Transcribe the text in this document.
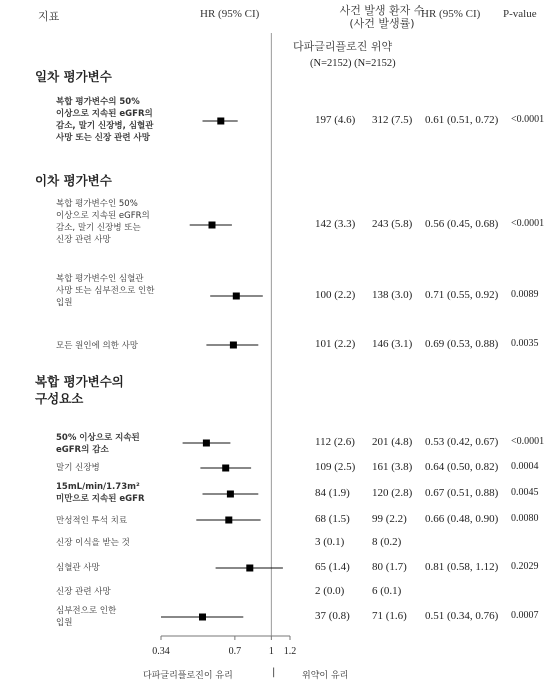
지표	HR (95% CI)	사건 발생 환자 수
(사건 발생률)
HR (95% CI) P-value
다파글리플로진 위약
(N=2152) (N=2152)
일차 평가변수
이차 평가변수
복합 평가변수의
구성요소
0.34	0.7	1 1.2
복합 평가변수의 50%
이상으로 지속된 eGFR의
감소, 말기 신장병, 심혈관
사망 또는 신장 관련 사망
197 (4.6) 312 (7.5) 0.61 (0.51, 0.72) <0.0001
복합 평가변수인 50%
이상으로 지속된 eGFR의
감소, 말기 신장병 또는
신장 관련 사망
142 (3.3) 243 (5.8) 0.56 (0.45, 0.68) <0.0001
복합 평가변수인 심혈관
사망 또는 심부전으로 인한
입원
100 (2.2) 138 (3.0) 0.71 (0.55, 0.92) 0.0089
모든 원인에 의한 사망	101 (2.2) 146 (3.1) 0.69 (0.53, 0.88) 0.0035
50% 이상으로 지속된
eGFR의 감소
112 (2.6) 201 (4.8) 0.53 (0.42, 0.67) <0.0001
말기 신장병	109 (2.5) 161 (3.8) 0.64 (0.50, 0.82) 0.0004
15mL/min/1.73m²
미만으로 지속된 eGFR	84 (1.9) 120 (2.8) 0.67 (0.51, 0.88) 0.0045
만성적인 투석 치료	68 (1.5) 99 (2.2) 0.66 (0.48, 0.90) 0.0080
신장 이식을 받는 것	3 (0.1)	8 (0.2)
심혈관 사망	65 (1.4) 80 (1.7) 0.81 (0.58, 1.12) 0.2029
신장 관련 사망	2 (0.0)	6 (0.1)
심부전으로 인한
입원
37 (0.8) 71 (1.6) 0.51 (0.34, 0.76) 0.0007
다파글리플로진이 유리	|	위약이 유리
